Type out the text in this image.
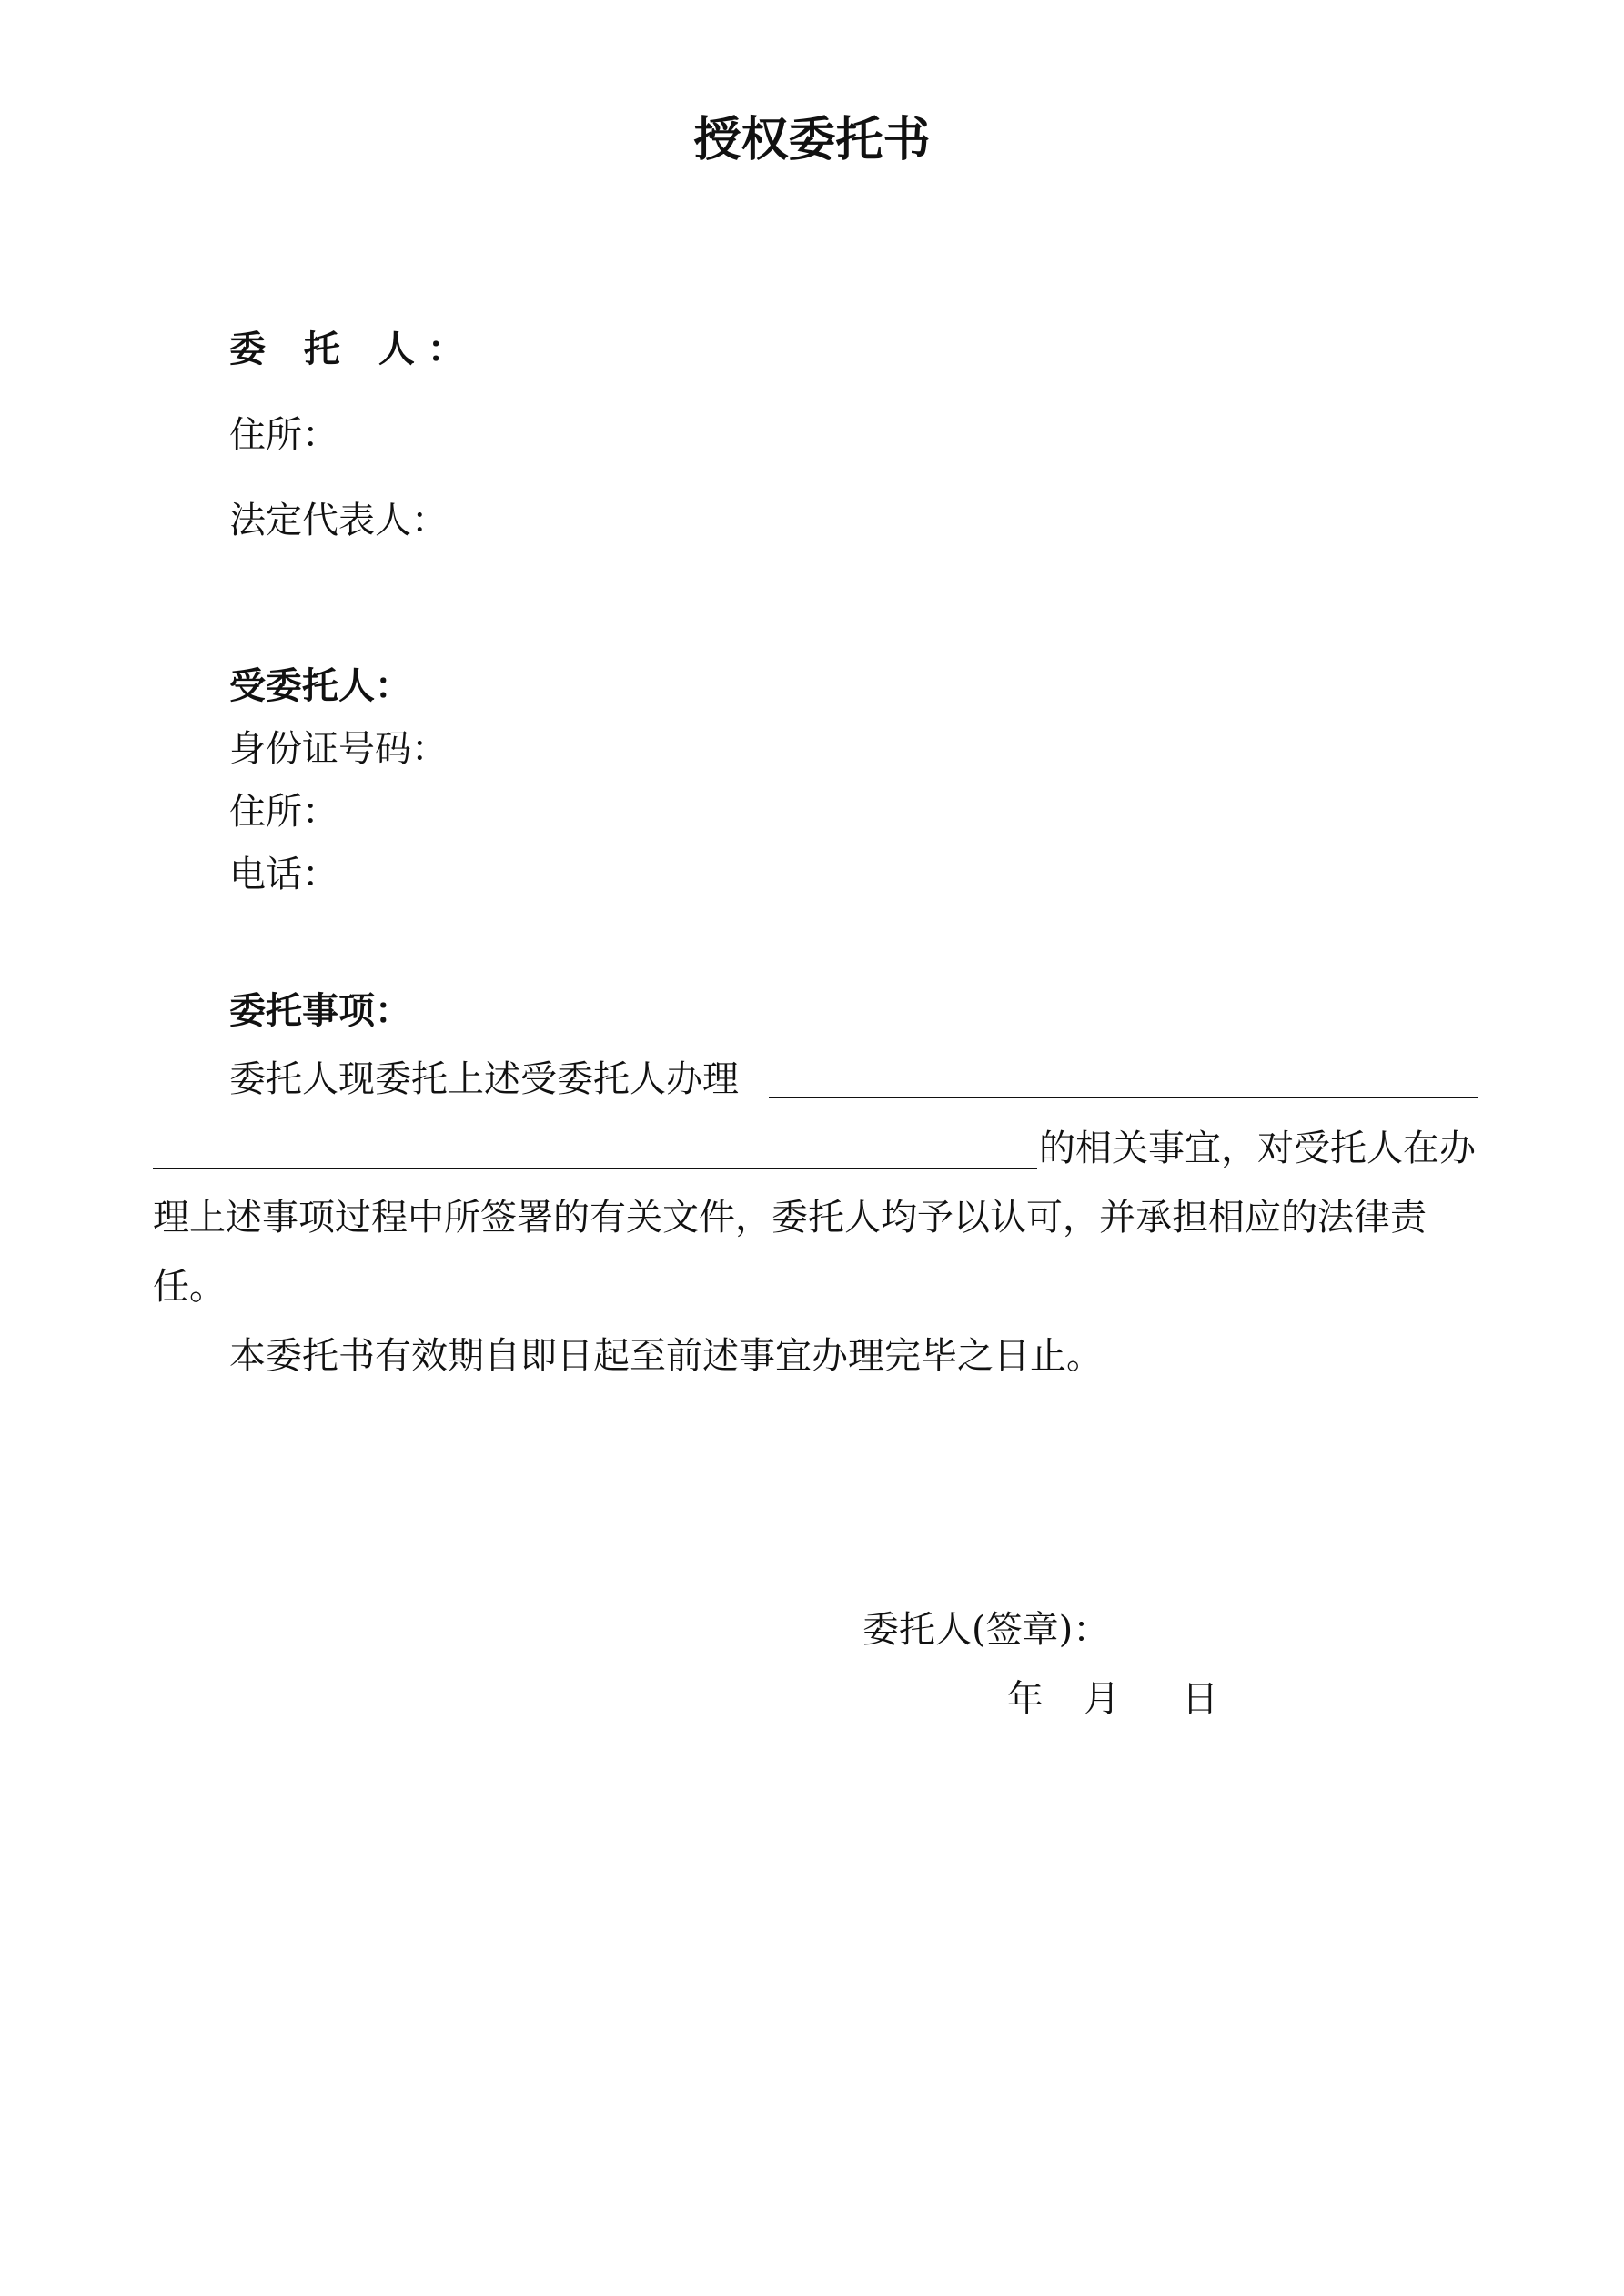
授权委托书
委 托 人：
住所：
法定代表人：
受委托人：
身份证号码：
住所：
电话：
委托事项：
委托人现委托上述受委托人办理
的相关事宜，对受托人在办
理上述事项过程中所签署的有关文件，委托人均予以认可，并承担相应的法律责
任。
本委托书有效期自即日起至前述事宜办理完毕之日止。
委托人(签章)：
年 月 日
